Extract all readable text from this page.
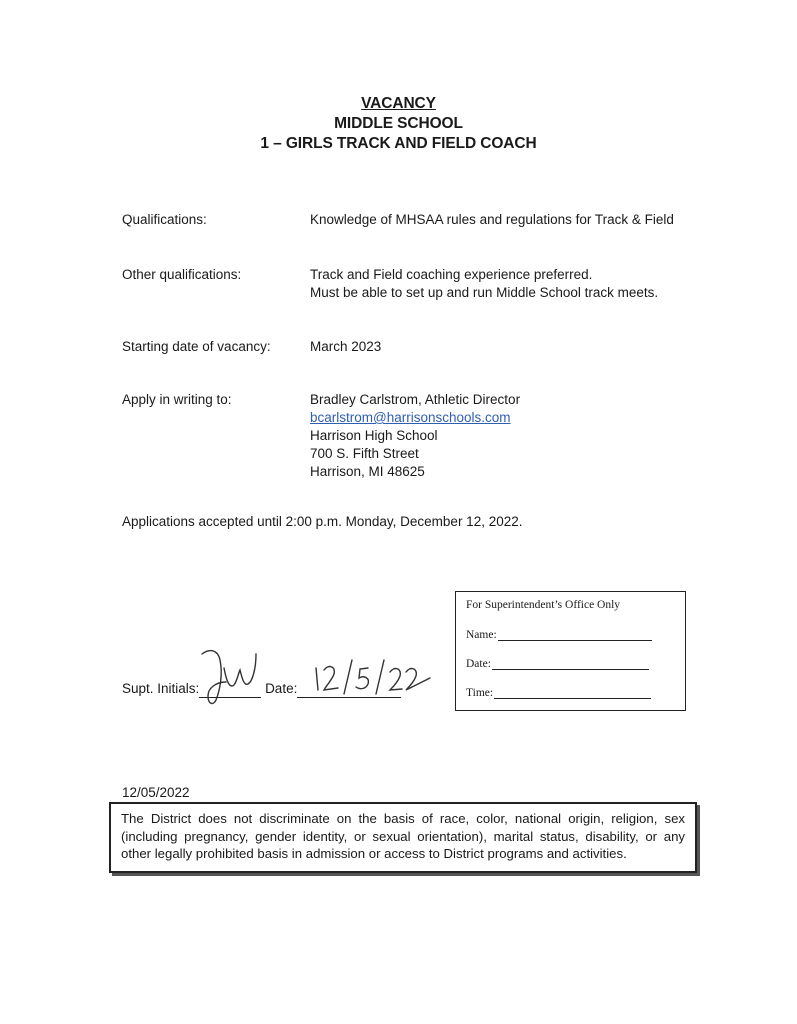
VACANCY
MIDDLE SCHOOL
1 – GIRLS TRACK AND FIELD COACH
Qualifications:	Knowledge of MHSAA rules and regulations for Track & Field
Other qualifications:	Track and Field coaching experience preferred.
Must be able to set up and run Middle School track meets.
Starting date of vacancy:	March 2023
Apply in writing to:	Bradley Carlstrom, Athletic Director
bcarlstrom@harrisonschools.com
Harrison High School
700 S. Fifth Street
Harrison, MI 48625
Applications accepted until 2:00 p.m. Monday, December 12, 2022.
For Superintendent’s Office Only
Name:
Date:
Time:
Supt. Initials:	Date:
12/05/2022
The District does not discriminate on the basis of race, color, national origin, religion, sex (including pregnancy, gender identity, or sexual orientation), marital status, disability, or any other legally prohibited basis in admission or access to District programs and activities.
